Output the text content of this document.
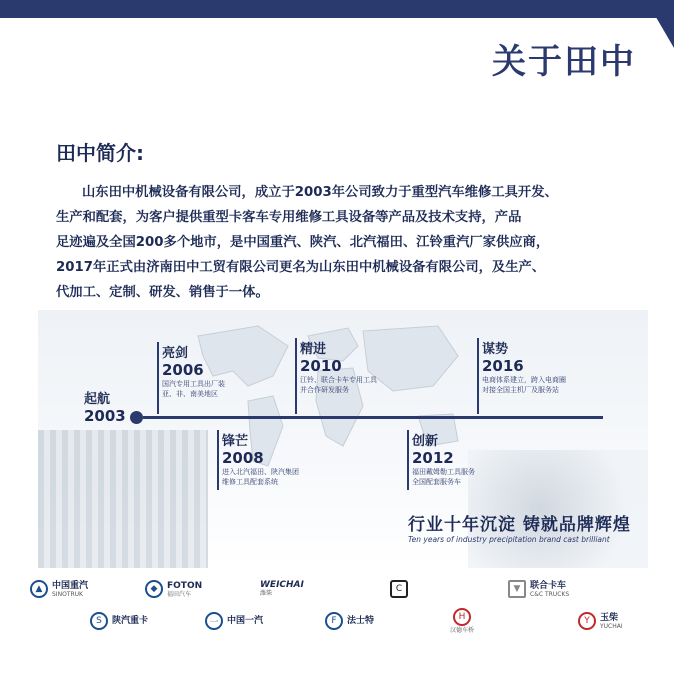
关于田中
田中简介:
山东田中机械设备有限公司，成立于2003年公司致力于重型汽车维修工具开发、
生产和配套，为客户提供重型卡客车专用维修工具设备等产品及技术支持，产品
足迹遍及全国200多个地市，是中国重汽、陕汽、北汽福田、江铃重汽厂家供应商，
2017年正式由济南田中工贸有限公司更名为山东田中机械设备有限公司，及生产、
代加工、定制、研发、销售于一体。
起航
2003
亮剑
2006
国汽专用工具出厂装
亚、非、南美地区
精进
2010
江铃、联合卡车专用工具
并合作研发服务
锋芒
2008
进入北汽福田、陕汽集团
维修工具配套系统
创新
2012
福田戴姆勒工具服务
全国配套服务车
谋势
2016
电商体系建立，跨入电商圈
对接全国主机厂及服务站
行业十年沉淀 铸就品牌辉煌
Ten years of industry precipitation brand cast brilliant
▲	中国重汽
SINOTRUK	◆	FOTON
福田汽车
WEICHAI
潍柴	C	▼	联合卡车
C&C TRUCKS
S	陕汽重卡	一 中国一汽	F	法士特	H
汉德车桥
Y	玉柴
YUCHAI
